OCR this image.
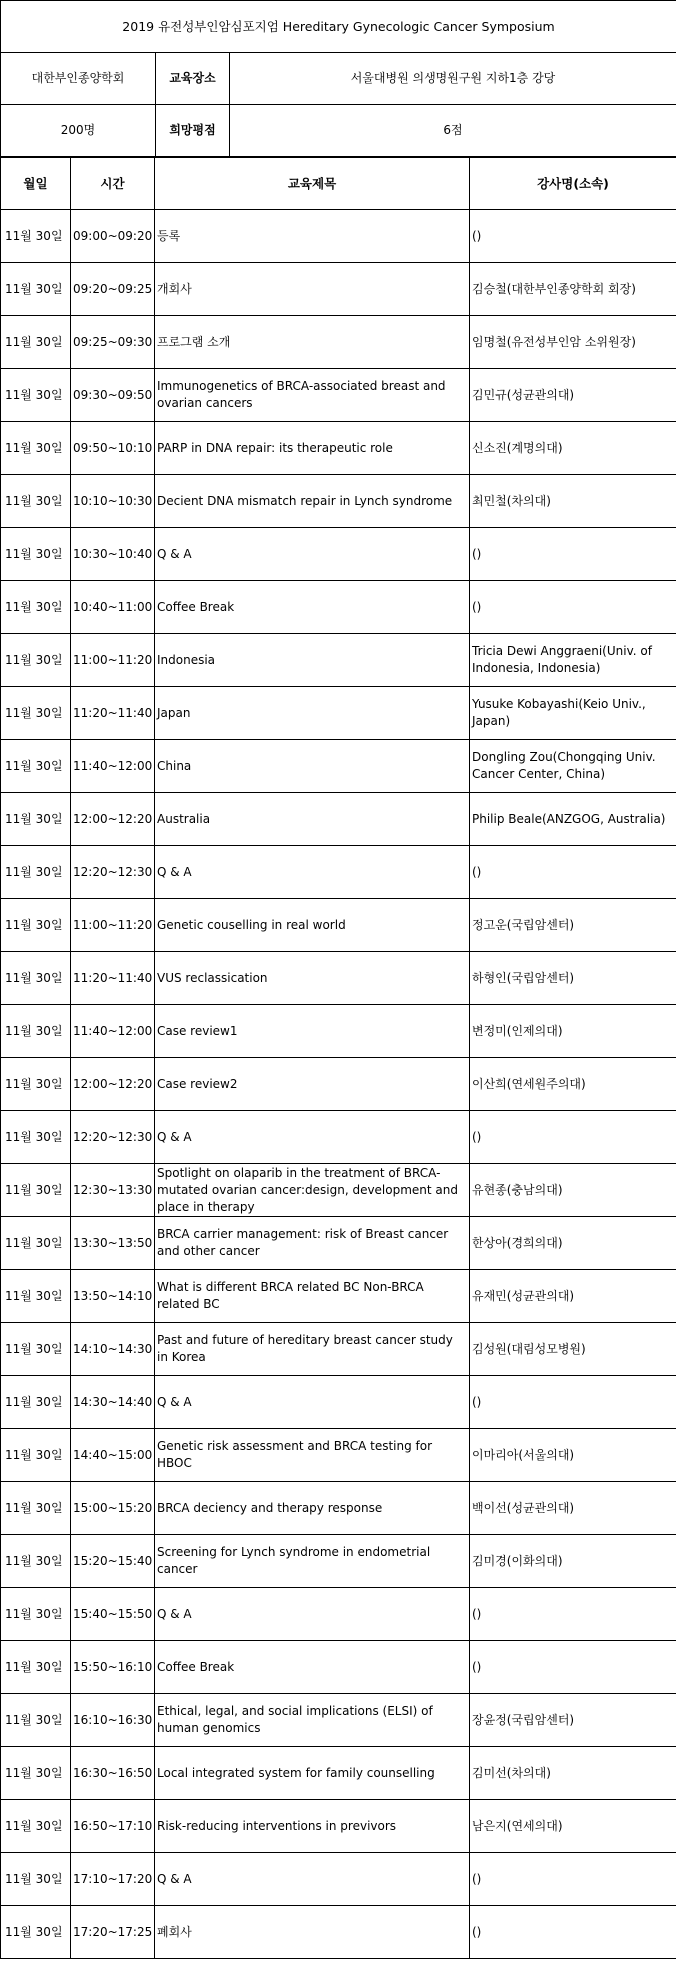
2019 유전성부인암심포지엄 Hereditary Gynecologic Cancer Symposium		
대한부인종양학회	교육장소	서울대병원 의생명원구원 지하1층 강당
200명	희망평점	6점
월일	시간	교육제목	강사명(소속)
11월 30일	09:00~09:20	등록	()
11월 30일	09:20~09:25	개회사	김승철(대한부인종양학회 회장)
11월 30일	09:25~09:30	프로그램 소개	임명철(유전성부인암 소위원장)
11월 30일	09:30~09:50	Immunogenetics of BRCA-associated breast and ovarian cancers	김민규(성균관의대)
11월 30일	09:50~10:10	PARP in DNA repair: its therapeutic role	신소진(계명의대)
11월 30일	10:10~10:30	Decient DNA mismatch repair in Lynch syndrome	최민철(차의대)
11월 30일	10:30~10:40	Q & A	()
11월 30일	10:40~11:00	Coffee Break	()
11월 30일	11:00~11:20	Indonesia	Tricia Dewi Anggraeni(Univ. of Indonesia, Indonesia)
11월 30일	11:20~11:40	Japan	Yusuke Kobayashi(Keio Univ., Japan)
11월 30일	11:40~12:00	China	Dongling Zou(Chongqing Univ. Cancer Center, China)
11월 30일	12:00~12:20	Australia	Philip Beale(ANZGOG, Australia)
11월 30일	12:20~12:30	Q & A	()
11월 30일	11:00~11:20	Genetic couselling in real world	정고운(국립암센터)
11월 30일	11:20~11:40	VUS reclassication	하형인(국립암센터)
11월 30일	11:40~12:00	Case review1	변정미(인제의대)
11월 30일	12:00~12:20	Case review2	이산희(연세원주의대)
11월 30일	12:20~12:30	Q & A	()
11월 30일	12:30~13:30	Spotlight on olaparib in the treatment of BRCA-mutated ovarian cancer:design, development and place in therapy	유현종(충남의대)
11월 30일	13:30~13:50	BRCA carrier management: risk of Breast cancer and other cancer	한상아(경희의대)
11월 30일	13:50~14:10	What is different BRCA related BC Non-BRCA related BC	유재민(성균관의대)
11월 30일	14:10~14:30	Past and future of hereditary breast cancer study in Korea	김성원(대림성모병원)
11월 30일	14:30~14:40	Q & A	()
11월 30일	14:40~15:00	Genetic risk assessment and BRCA testing for HBOC	이마리아(서울의대)
11월 30일	15:00~15:20	BRCA deciency and therapy response	백이선(성균관의대)
11월 30일	15:20~15:40	Screening for Lynch syndrome in endometrial cancer	김미경(이화의대)
11월 30일	15:40~15:50	Q & A	()
11월 30일	15:50~16:10	Coffee Break	()
11월 30일	16:10~16:30	Ethical, legal, and social implications (ELSI) of human genomics	장윤정(국립암센터)
11월 30일	16:30~16:50	Local integrated system for family counselling	김미선(차의대)
11월 30일	16:50~17:10	Risk-reducing interventions in previvors	남은지(연세의대)
11월 30일	17:10~17:20	Q & A	()
11월 30일	17:20~17:25	폐회사	()
